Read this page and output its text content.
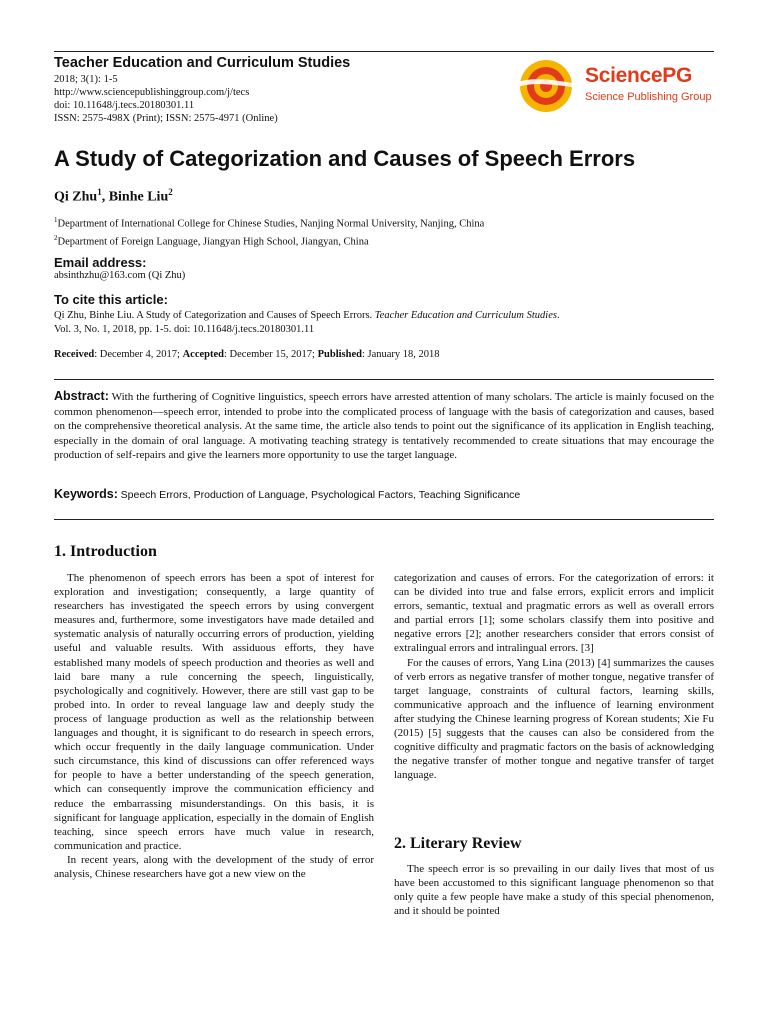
Teacher Education and Curriculum Studies
2018; 3(1): 1-5
http://www.sciencepublishinggroup.com/j/tecs
doi: 10.11648/j.tecs.20180301.11
ISSN: 2575-498X (Print); ISSN: 2575-4971 (Online)
SciencePG
Science Publishing Group
A Study of Categorization and Causes of Speech Errors
Qi Zhu$^1$, Binhe Liu$^2$
$^1$Department of International College for Chinese Studies, Nanjing Normal University, Nanjing, China
$^2$Department of Foreign Language, Jiangyan High School, Jiangyan, China
Email address:
absinthzhu@163.com (Qi Zhu)
To cite this article:
Qi Zhu, Binhe Liu. A Study of Categorization and Causes of Speech Errors. Teacher Education and Curriculum Studies.
Vol. 3, No. 1, 2018, pp. 1-5. doi: 10.11648/j.tecs.20180301.11
Received: December 4, 2017; Accepted: December 15, 2017; Published: January 18, 2018
Abstract: With the furthering of Cognitive linguistics, speech errors have arrested attention of many scholars. The article is mainly focused on the common phenomenon—speech error, intended to probe into the complicated process of language with the basis of categorization and causes, based on the comprehensive theoretical analysis. At the same time, the article also tends to point out the significance of its application in English teaching, especially in the domain of oral language. A motivating teaching strategy is tentatively recommended to create situations that may encourage the production of self-repairs and give the learners more opportunity to use the target language.
Keywords: Speech Errors, Production of Language, Psychological Factors, Teaching Significance
1. Introduction

The phenomenon of speech errors has been a spot of interest for exploration and investigation; consequently, a large quantity of researchers has investigated the speech errors by using convergent measures and, furthermore, some investigators have made detailed and systematic analysis of naturally occurring errors of production, yielding useful and valuable results. With assiduous efforts, they have established many models of speech production and theories as well and laid bare many a rule concerning the speech, linguistically, psychologically and cognitively. However, there are still vast gap to be probed into. In order to reveal language law and deeply study the process of language production as well as the relationship between languages and thought, it is significant to do research in speech errors, which occur frequently in the daily language communication. Under such circumstance, this kind of discussions can offer referenced ways for people to have a better understanding of the speech generation, which can consequently improve the communication efficiency and reduce the embarrassing misunderstandings. On this basis, it is significant for language application, especially in the domain of English teaching, since speech errors have much value in research, communication and practice.

In recent years, along with the development of the study of error analysis, Chinese researchers have got a new view on the

categorization and causes of errors. For the categorization of errors: it can be divided into true and false errors, explicit errors and implicit errors, semantic, textual and pragmatic errors as well as overall errors and partial errors [1]; some scholars classify them into positive and negative errors [2]; another researchers consider that errors consist of extralingual errors and intralingual errors. [3]

For the causes of errors, Yang Lina (2013) [4] summarizes the causes of verb errors as negative transfer of mother tongue, negative transfer of target language, constraints of cultural factors, learning skills, communicative approach and the influence of learning environment after studying the Chinese learning progress of Korean students; Xie Fu (2015) [5] suggests that the causes can also be considered from the cognitive difficulty and pragmatic factors on the basis of acknowledging the negative transfer of mother tongue and negative transfer of target language.

2. Literary Review

The speech error is so prevailing in our daily lives that most of us have been accustomed to this significant language phenomenon so that only quite a few people have make a study of this special phenomenon, and it should be pointed
